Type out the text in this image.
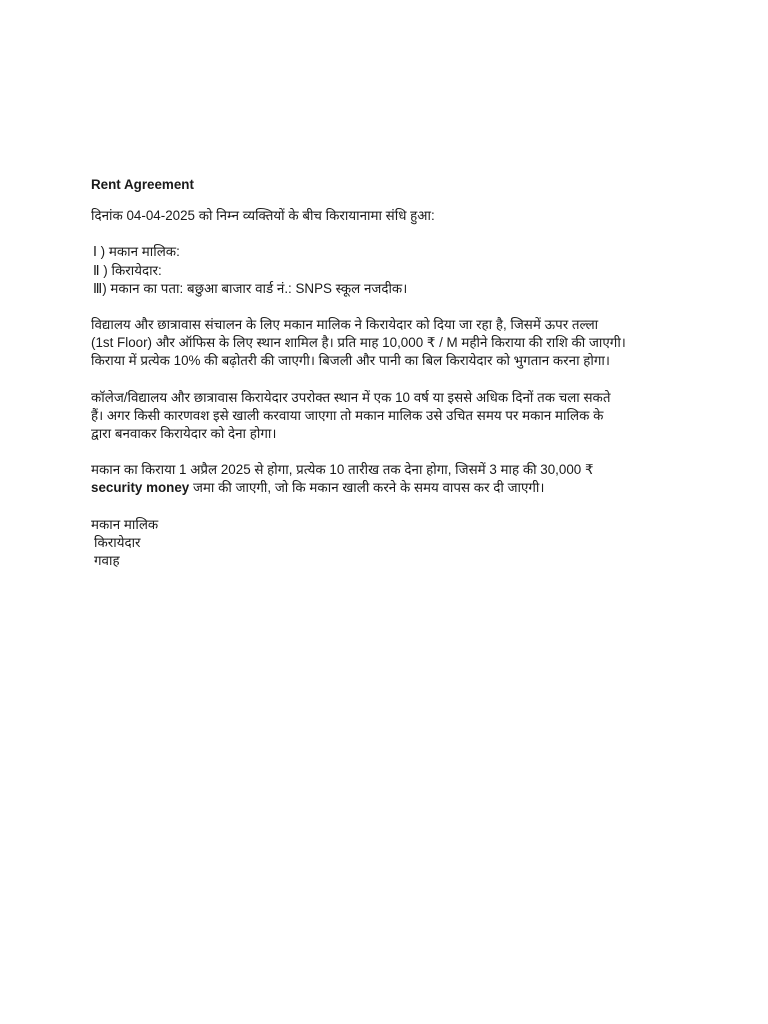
Rent Agreement
दिनांक 04-04-2025 को निम्न व्यक्तियों के बीच किरायानामा संधि हुआ:
Ⅰ ) मकान मालिक:
Ⅱ ) किरायेदार:
Ⅲ) मकान का पता: बछुआ बाजार वार्ड नं.: SNPS स्कूल नजदीक।
विद्यालय और छात्रावास संचालन के लिए मकान मालिक ने किरायेदार को दिया जा रहा है, जिसमें ऊपर तल्ला
(1st Floor) और ऑफिस के लिए स्थान शामिल है। प्रति माह 10,000 ₹ / M महीने किराया की राशि की जाएगी।
किराया में प्रत्येक 10% की बढ़ोतरी की जाएगी। बिजली और पानी का बिल किरायेदार को भुगतान करना होगा।
कॉलेज/विद्यालय और छात्रावास किरायेदार उपरोक्त स्थान में एक 10 वर्ष या इससे अधिक दिनों तक चला सकते
हैं। अगर किसी कारणवश इसे खाली करवाया जाएगा तो मकान मालिक उसे उचित समय पर मकान मालिक के
द्वारा बनवाकर किरायेदार को देना होगा।
मकान का किराया 1 अप्रैल 2025 से होगा, प्रत्येक 10 तारीख तक देना होगा, जिसमें 3 माह की 30,000 ₹
security money जमा की जाएगी, जो कि मकान खाली करने के समय वापस कर दी जाएगी।
मकान मालिक
किरायेदार
गवाह
